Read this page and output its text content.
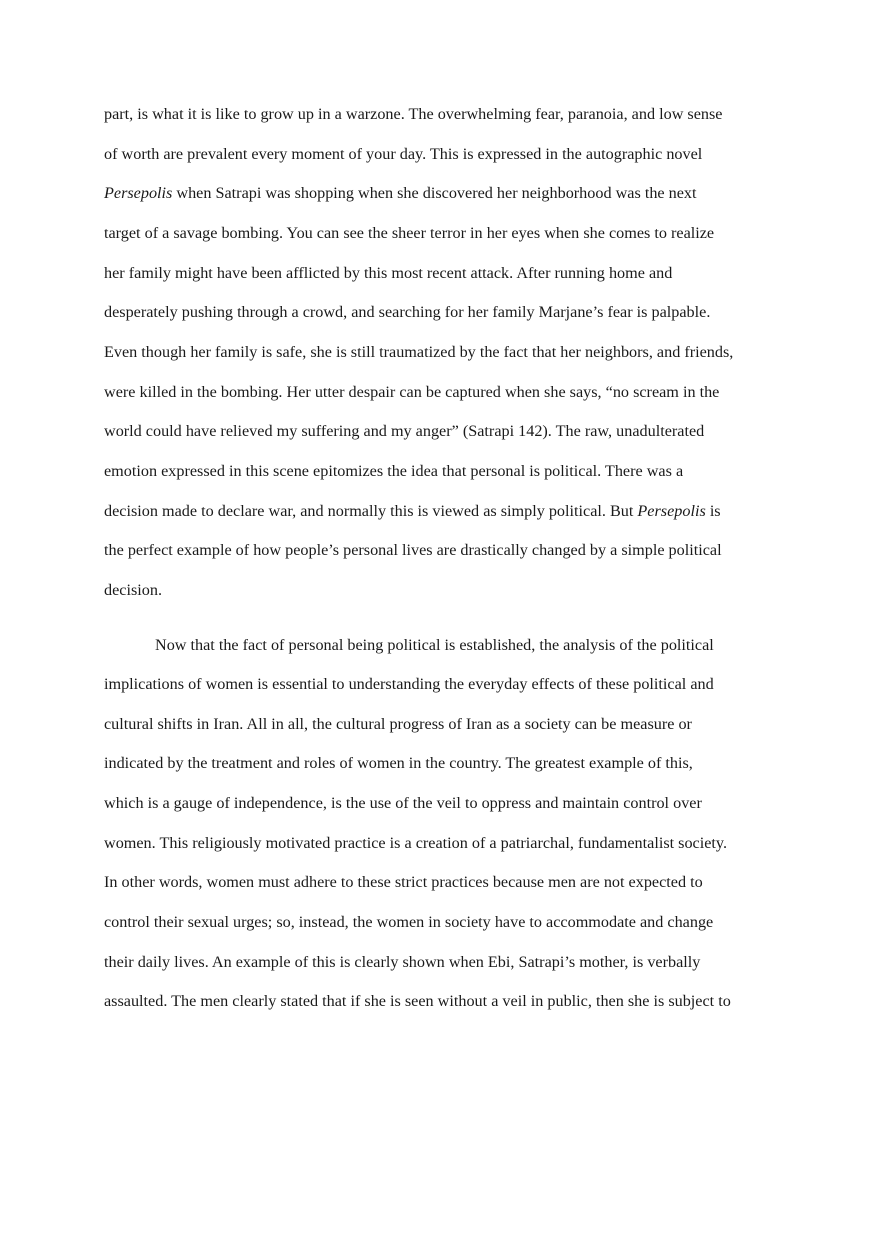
part, is what it is like to grow up in a warzone. The overwhelming fear, paranoia, and low sense

of worth are prevalent every moment of your day. This is expressed in the autographic novel

Persepolis when Satrapi was shopping when she discovered her neighborhood was the next

target of a savage bombing. You can see the sheer terror in her eyes when she comes to realize

her family might have been afflicted by this most recent attack. After running home and

desperately pushing through a crowd, and searching for her family Marjane’s fear is palpable.

Even though her family is safe, she is still traumatized by the fact that her neighbors, and friends,

were killed in the bombing. Her utter despair can be captured when she says, “no scream in the

world could have relieved my suffering and my anger” (Satrapi 142). The raw, unadulterated

emotion expressed in this scene epitomizes the idea that personal is political. There was a

decision made to declare war, and normally this is viewed as simply political. But Persepolis is

the perfect example of how people’s personal lives are drastically changed by a simple political

decision.

Now that the fact of personal being political is established, the analysis of the political

implications of women is essential to understanding the everyday effects of these political and

cultural shifts in Iran. All in all, the cultural progress of Iran as a society can be measure or

indicated by the treatment and roles of women in the country. The greatest example of this,

which is a gauge of independence, is the use of the veil to oppress and maintain control over

women. This religiously motivated practice is a creation of a patriarchal, fundamentalist society.

In other words, women must adhere to these strict practices because men are not expected to

control their sexual urges; so, instead, the women in society have to accommodate and change

their daily lives. An example of this is clearly shown when Ebi, Satrapi’s mother, is verbally

assaulted. The men clearly stated that if she is seen without a veil in public, then she is subject to
